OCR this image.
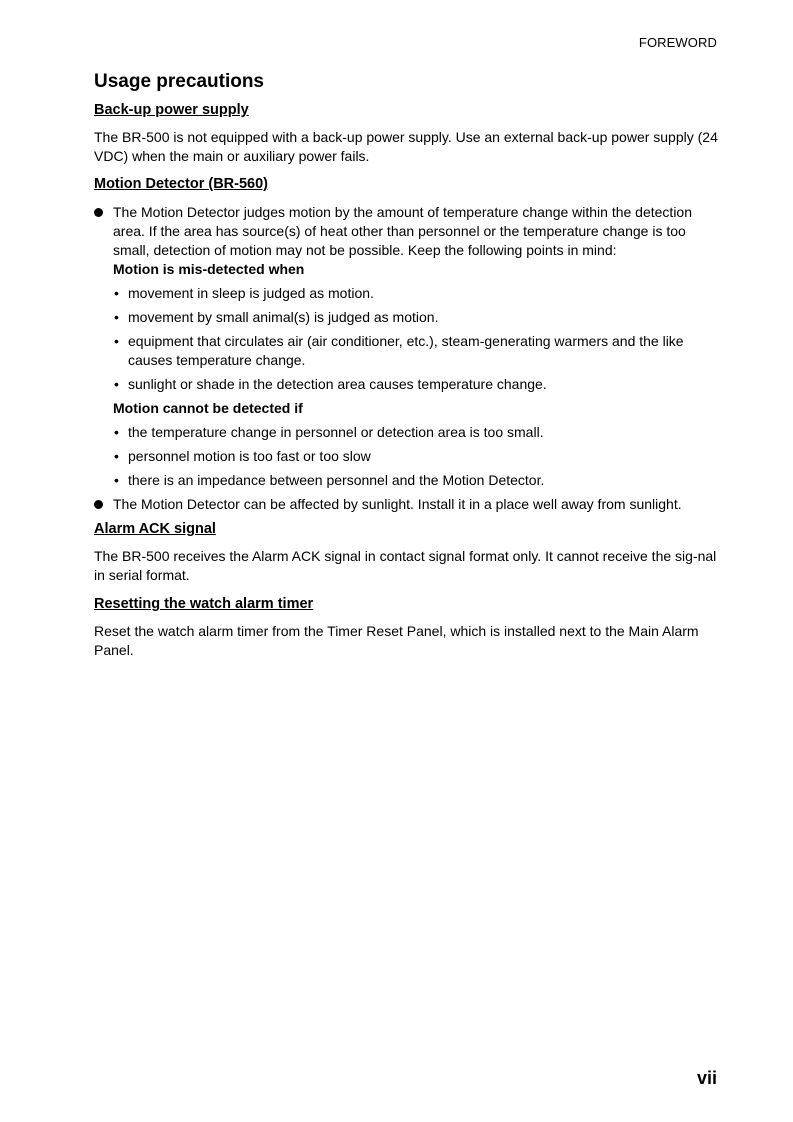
FOREWORD
Usage precautions
Back-up power supply

The BR-500 is not equipped with a back-up power supply. Use an external back-up power supply (24 VDC) when the main or auxiliary power fails.

Motion Detector (BR-560)
The Motion Detector judges motion by the amount of temperature change within the detection area. If the area has source(s) of heat other than personnel or the temperature change is too small, detection of motion may not be possible. Keep the following points in mind:
Motion is mis-detected when
• movement in sleep is judged as motion.
• movement by small animal(s) is judged as motion.
• equipment that circulates air (air conditioner, etc.), steam-generating warmers and the like causes temperature change.
• sunlight or shade in the detection area causes temperature change.
Motion cannot be detected if
• the temperature change in personnel or detection area is too small.
• personnel motion is too fast or too slow
• there is an impedance between personnel and the Motion Detector.
The Motion Detector can be affected by sunlight. Install it in a place well away from sunlight.
Alarm ACK signal

The BR-500 receives the Alarm ACK signal in contact signal format only. It cannot receive the sig-nal in serial format.

Resetting the watch alarm timer

Reset the watch alarm timer from the Timer Reset Panel, which is installed next to the Main Alarm Panel.

vii
